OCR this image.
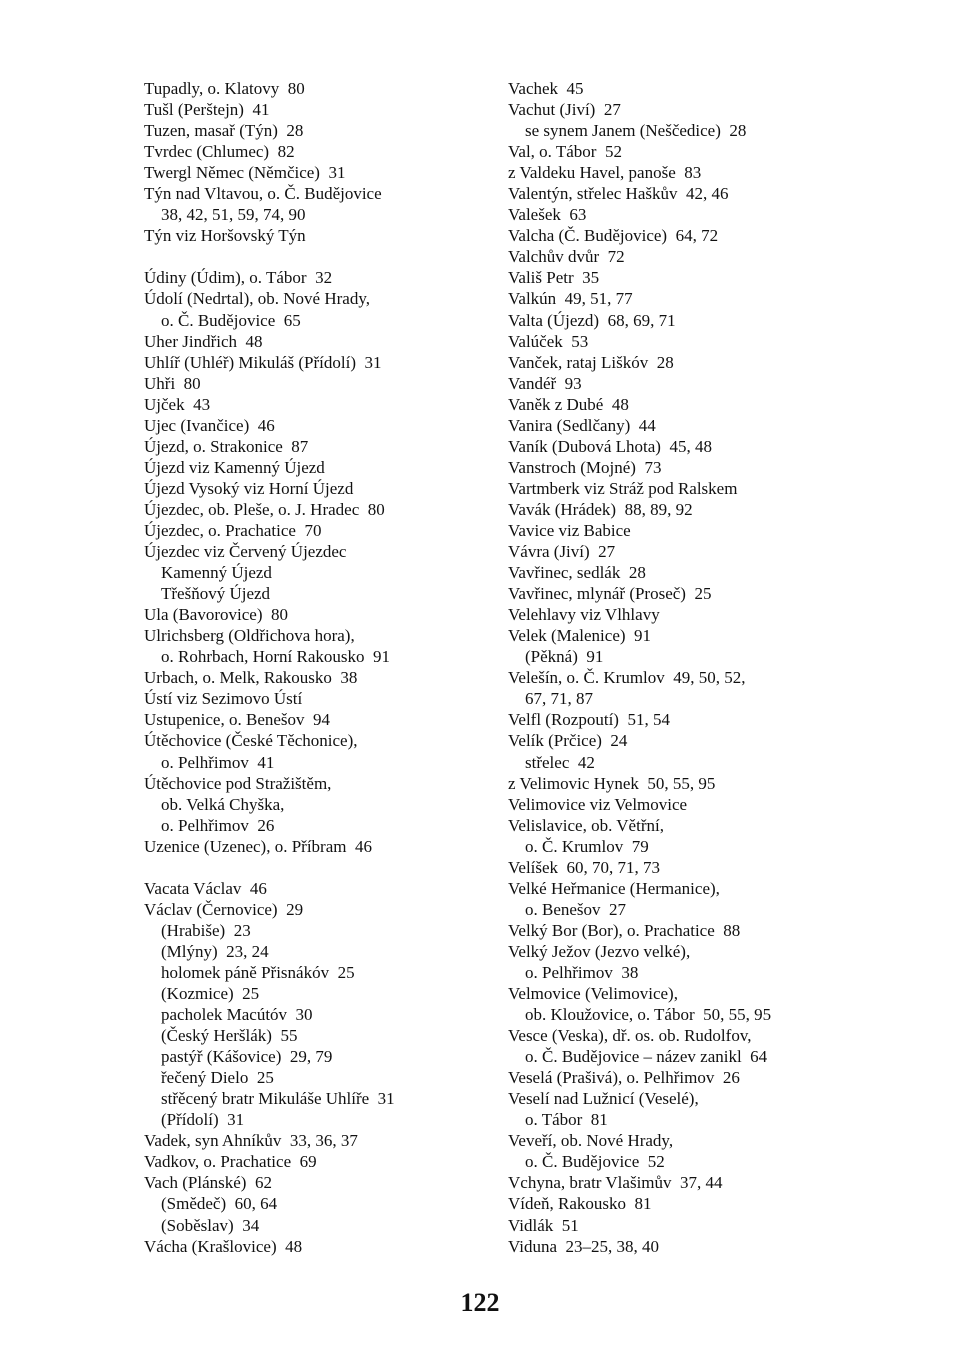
Tupadly, o. Klatovy  80
Tušl (Perštejn)  41
Tuzen, masař (Týn)  28
Tvrdec (Chlumec)  82
Twergl Němec (Němčice)  31
Týn nad Vltavou, o. Č. Budějovice
38, 42, 51, 59, 74, 90
Týn viz Horšovský Týn
Údiny (Údim), o. Tábor  32
Údolí (Nedrtal), ob. Nové Hrady,
o. Č. Budějovice  65
Uher Jindřich  48
Uhlíř (Uhléř) Mikuláš (Přídolí)  31
Uhři  80
Ujček  43
Ujec (Ivančice)  46
Újezd, o. Strakonice  87
Újezd viz Kamenný Újezd
Újezd Vysoký viz Horní Újezd
Újezdec, ob. Pleše, o. J. Hradec  80
Újezdec, o. Prachatice  70
Újezdec viz Červený Újezdec
Kamenný Újezd
Třešňový Újezd
Ula (Bavorovice)  80
Ulrichsberg (Oldřichova hora),
o. Rohrbach, Horní Rakousko  91
Urbach, o. Melk, Rakousko  38
Ústí viz Sezimovo Ústí
Ustupenice, o. Benešov  94
Útěchovice (České Těchonice),
o. Pelhřimov  41
Útěchovice pod Stražištěm,
ob. Velká Chyška,
o. Pelhřimov  26
Uzenice (Uzenec), o. Příbram  46
Vacata Václav  46
Václav (Černovice)  29
(Hrabiše)  23
(Mlýny)  23, 24
holomek páně Přisnákóv  25
(Kozmice)  25
pacholek Macútóv  30
(Český Heršlák)  55
pastýř (Kášovice)  29, 79
řečený Dielo  25
střěcený bratr Mikuláše Uhlíře  31
(Přídolí)  31
Vadek, syn Ahníkův  33, 36, 37
Vadkov, o. Prachatice  69
Vach (Plánské)  62
(Smědeč)  60, 64
(Soběslav)  34
Vácha (Krašlovice)  48
Vachek  45
Vachut (Jiví)  27
se synem Janem (Neščedice)  28
Val, o. Tábor  52
z Valdeku Havel, panoše  83
Valentýn, střelec Haškův  42, 46
Valešek  63
Valcha (Č. Budějovice)  64, 72
Valchův dvůr  72
Vališ Petr  35
Valkún  49, 51, 77
Valta (Újezd)  68, 69, 71
Valúček  53
Vanček, rataj Liškóv  28
Vandéř  93
Vaněk z Dubé  48
Vanira (Sedlčany)  44
Vaník (Dubová Lhota)  45, 48
Vanstroch (Mojné)  73
Vartmberk viz Stráž pod Ralskem
Vavák (Hrádek)  88, 89, 92
Vavice viz Babice
Vávra (Jiví)  27
Vavřinec, sedlák  28
Vavřinec, mlynář (Proseč)  25
Velehlavy viz Vlhlavy
Velek (Malenice)  91
(Pěkná)  91
Velešín, o. Č. Krumlov  49, 50, 52,
67, 71, 87
Velfl (Rozpoutí)  51, 54
Velík (Prčice)  24
střelec  42
z Velimovic Hynek  50, 55, 95
Velimovice viz Velmovice
Velislavice, ob. Větřní,
o. Č. Krumlov  79
Velíšek  60, 70, 71, 73
Velké Heřmanice (Hermanice),
o. Benešov  27
Velký Bor (Bor), o. Prachatice  88
Velký Ježov (Jezvo velké),
o. Pelhřimov  38
Velmovice (Velimovice),
ob. Kloužovice, o. Tábor  50, 55, 95
Vesce (Veska), dř. os. ob. Rudolfov,
o. Č. Budějovice – název zanikl  64
Veselá (Prašivá), o. Pelhřimov  26
Veselí nad Lužnicí (Veselé),
o. Tábor  81
Veveří, ob. Nové Hrady,
o. Č. Budějovice  52
Vchyna, bratr Vlašimův  37, 44
Vídeň, Rakousko  81
Vidlák  51
Viduna  23–25, 38, 40
122
